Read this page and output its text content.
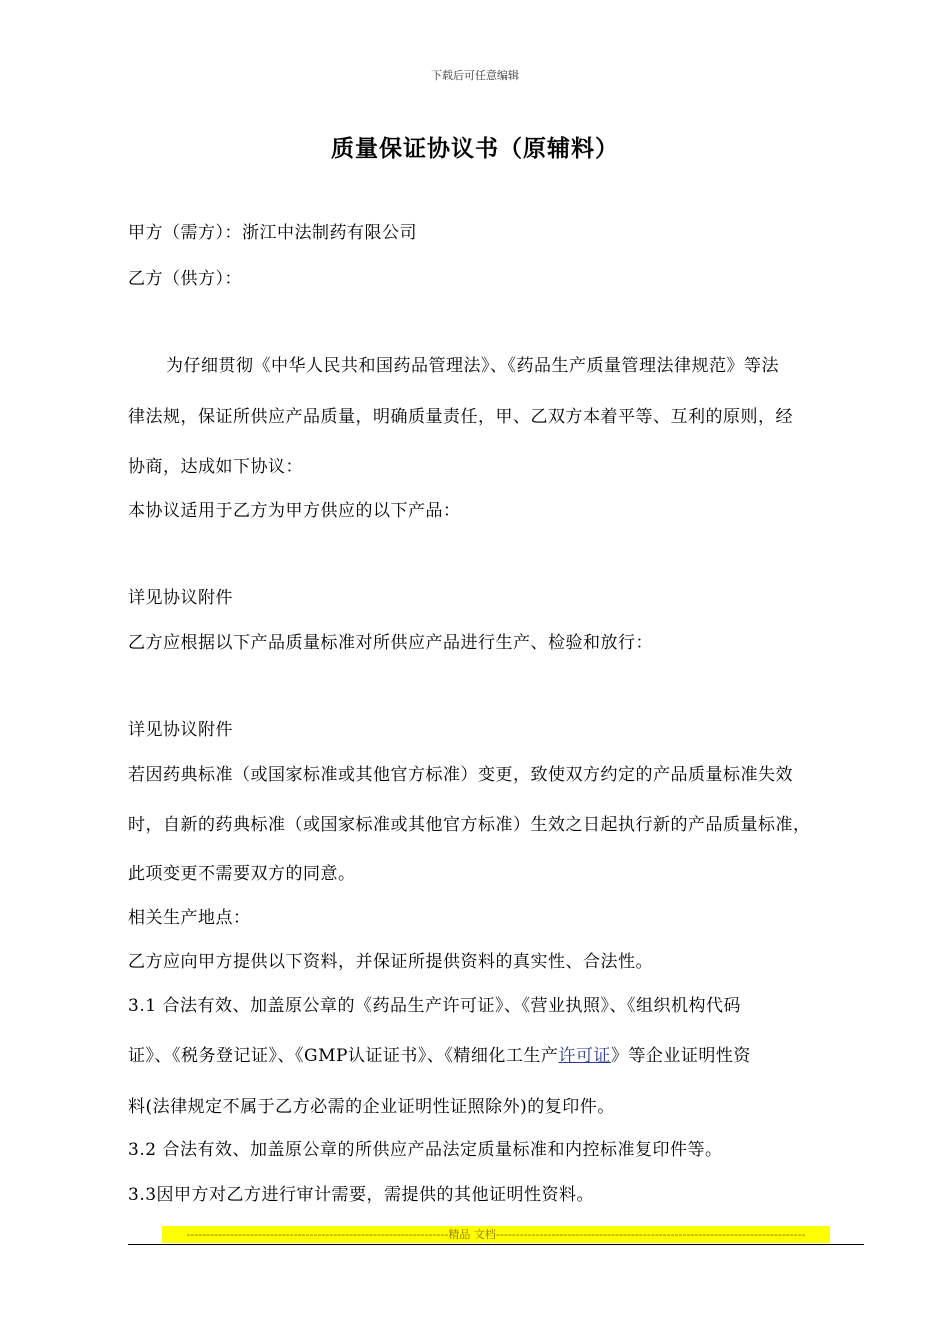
下载后可任意编辑
质量保证协议书（原辅料）
甲方（需方）：浙江中法制药有限公司
乙方（供方）：
为仔细贯彻《中华人民共和国药品管理法》、《药品生产质量管理法律规范》等法
律法规，保证所供应产品质量，明确质量责任，甲、乙双方本着平等、互利的原则，经
协商，达成如下协议：
本协议适用于乙方为甲方供应的以下产品：
详见协议附件
乙方应根据以下产品质量标准对所供应产品进行生产、检验和放行：
详见协议附件
若因药典标准（或国家标准或其他官方标准）变更，致使双方约定的产品质量标准失效
时，自新的药典标准（或国家标准或其他官方标准）生效之日起执行新的产品质量标准，
此项变更不需要双方的同意。
相关生产地点：
乙方应向甲方提供以下资料，并保证所提供资料的真实性、合法性。
3.1 合法有效、加盖原公章的《药品生产许可证》、《营业执照》、《组织机构代码
证》、《税务登记证》、《GMP认证证书》、《精细化工生产许可证》等企业证明性资
料(法律规定不属于乙方必需的企业证明性证照除外)的复印件。
3.2 合法有效、加盖原公章的所供应产品法定质量标准和内控标准复印件等。
3.3因甲方对乙方进行审计需要，需提供的其他证明性资料。
------------------------------------------------------------------精品 文档------------------------------------------------------------------------------
